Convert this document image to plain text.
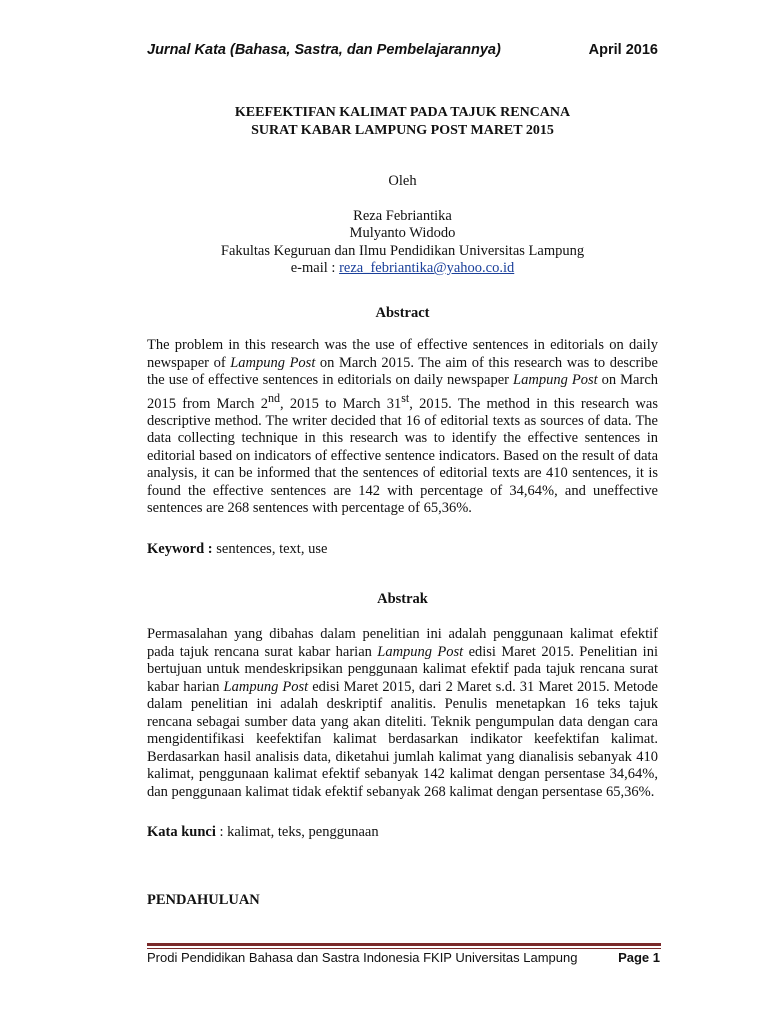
Jurnal Kata (Bahasa, Sastra, dan Pembelajarannya)	April 2016
KEEFEKTIFAN KALIMAT PADA TAJUK RENCANA
SURAT KABAR LAMPUNG POST MARET 2015
Oleh
Reza Febriantika
Mulyanto Widodo
Fakultas Keguruan dan Ilmu Pendidikan Universitas Lampung
e-mail : reza_febriantika@yahoo.co.id
Abstract
The problem in this research was the use of effective sentences in editorials on daily newspaper of Lampung Post on March 2015. The aim of this research was to describe the use of effective sentences in editorials on daily newspaper Lampung Post on March 2015 from March 2nd, 2015 to March 31st, 2015. The method in this research was descriptive method. The writer decided that 16 of editorial texts as sources of data. The data collecting technique in this research was to identify the effective sentences in editorial based on indicators of effective sentence indicators. Based on the result of data analysis, it can be informed that the sentences of editorial texts are 410 sentences, it is found the effective sentences are 142 with percentage of 34,64%, and uneffective sentences are 268 sentences with percentage of 65,36%.
Keyword : sentences, text, use
Abstrak
Permasalahan yang dibahas dalam penelitian ini adalah penggunaan kalimat efektif pada tajuk rencana surat kabar harian Lampung Post edisi Maret 2015. Penelitian ini bertujuan untuk mendeskripsikan penggunaan kalimat efektif pada tajuk rencana surat kabar harian Lampung Post edisi Maret 2015, dari 2 Maret s.d. 31 Maret 2015. Metode dalam penelitian ini adalah deskriptif analitis. Penulis menetapkan 16 teks tajuk rencana sebagai sumber data yang akan diteliti. Teknik pengumpulan data dengan cara mengidentifikasi keefektifan kalimat berdasarkan indikator keefektifan kalimat. Berdasarkan hasil analisis data, diketahui jumlah kalimat yang dianalisis sebanyak 410 kalimat, penggunaan kalimat efektif sebanyak 142 kalimat dengan persentase 34,64%, dan penggunaan kalimat tidak efektif sebanyak 268 kalimat dengan persentase 65,36%.
Kata kunci : kalimat, teks, penggunaan
PENDAHULUAN
Prodi Pendidikan Bahasa dan Sastra Indonesia FKIP Universitas Lampung	Page 1
